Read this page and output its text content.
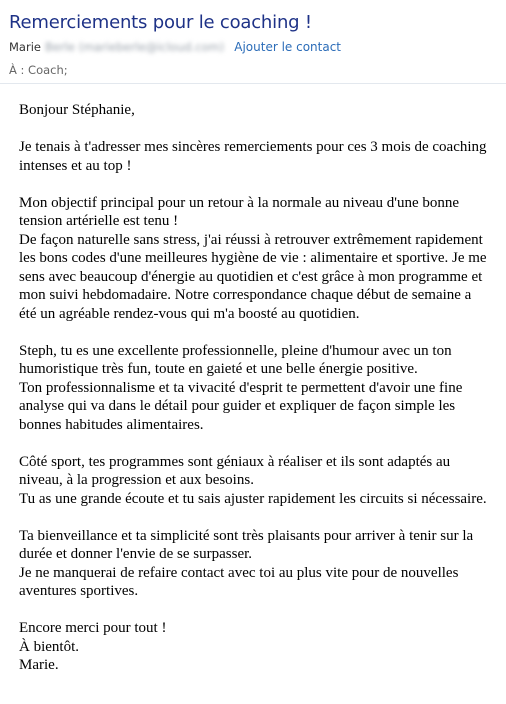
Remerciements pour le coaching !
Marie Berle (marieberle@icloud.com) Ajouter le contact
À : Coach;
Bonjour Stéphanie,
Je tenais à t'adresser mes sincères remerciements pour ces 3 mois de coaching
intenses et au top !
Mon objectif principal pour un retour à la normale au niveau d'une bonne
tension artérielle est tenu !
De façon naturelle sans stress, j'ai réussi à retrouver extrêmement rapidement
les bons codes d'une meilleures hygiène de vie : alimentaire et sportive. Je me
sens avec beaucoup d'énergie au quotidien et c'est grâce à mon programme et
mon suivi hebdomadaire. Notre correspondance chaque début de semaine a
été un agréable rendez-vous qui m'a boosté au quotidien.
Steph, tu es une excellente professionnelle, pleine d'humour avec un ton
humoristique très fun, toute en gaieté et une belle énergie positive.
Ton professionnalisme et ta vivacité d'esprit te permettent d'avoir une fine
analyse qui va dans le détail pour guider et expliquer de façon simple les
bonnes habitudes alimentaires.
Côté sport, tes programmes sont géniaux à réaliser et ils sont adaptés au
niveau, à la progression et aux besoins.
Tu as une grande écoute et tu sais ajuster rapidement les circuits si nécessaire.
Ta bienveillance et ta simplicité sont très plaisants pour arriver à tenir sur la
durée et donner l'envie de se surpasser.
Je ne manquerai de refaire contact avec toi au plus vite pour de nouvelles
aventures sportives.
Encore merci pour tout !
À bientôt.
Marie.
